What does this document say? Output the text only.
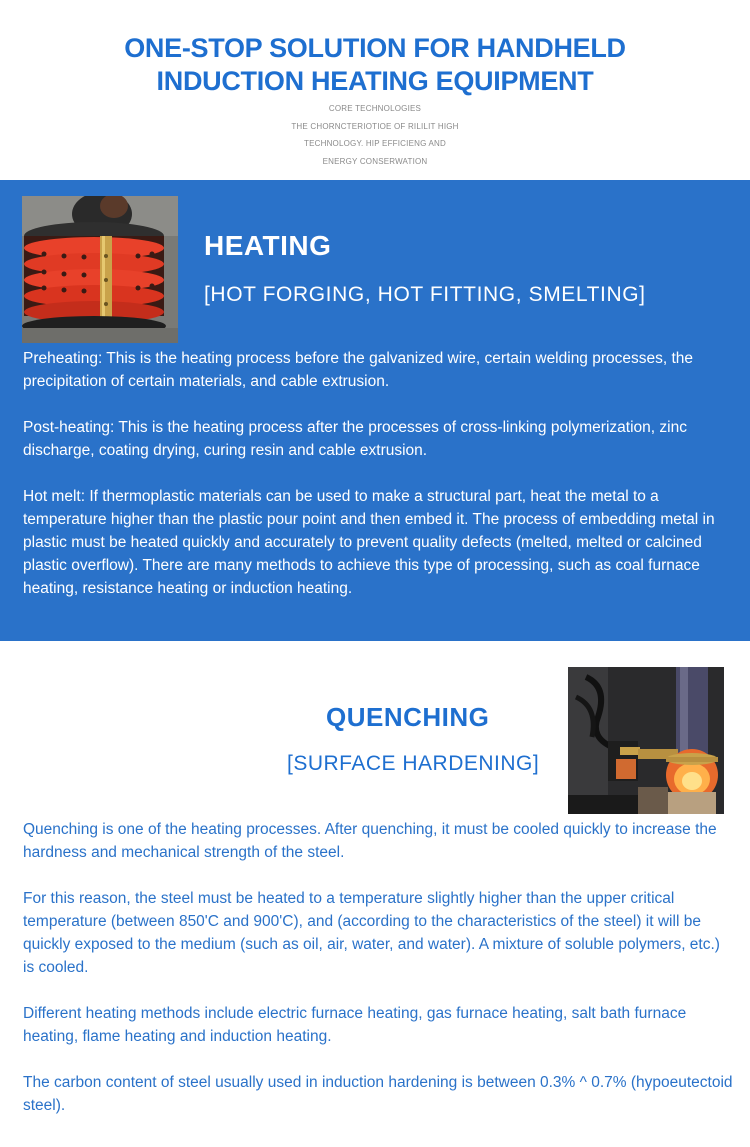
ONE-STOP SOLUTION FOR HANDHELD
INDUCTION HEATING EQUIPMENT
CORE TECHNOLOGIES
THE CHORNCTERIOTIOE OF RILILIT HIGH
TECHNOLOGY. HIP EFFICIENG AND
ENERGY CONSERWATION
HEATING
[HOT FORGING, HOT FITTING, SMELTING]

Preheating: This is the heating process before the galvanized wire, certain welding processes, the precipitation of certain materials, and cable extrusion.

Post-heating: This is the heating process after the processes of cross-linking polymerization, zinc discharge, coating drying, curing resin and cable extrusion.

Hot melt: If thermoplastic materials can be used to make a structural part, heat the metal to a temperature higher than the plastic pour point and then embed it. The process of embedding metal in plastic must be heated quickly and accurately to prevent quality defects (melted, melted or calcined plastic overflow). There are many methods to achieve this type of processing, such as coal furnace heating, resistance heating or induction heating.

QUENCHING
[SURFACE HARDENING]

Quenching is one of the heating processes. After quenching, it must be cooled quickly to increase the hardness and mechanical strength of the steel.

For this reason, the steel must be heated to a temperature slightly higher than the upper critical temperature (between 850'C and 900'C), and (according to the characteristics of the steel) it will be quickly exposed to the medium (such as oil, air, water, and water). A mixture of soluble polymers, etc.) is cooled.

Different heating methods include electric furnace heating, gas furnace heating, salt bath furnace heating, flame heating and induction heating.

The carbon content of steel usually used in induction hardening is between 0.3% ^ 0.7% (hypoeutectoid steel).
